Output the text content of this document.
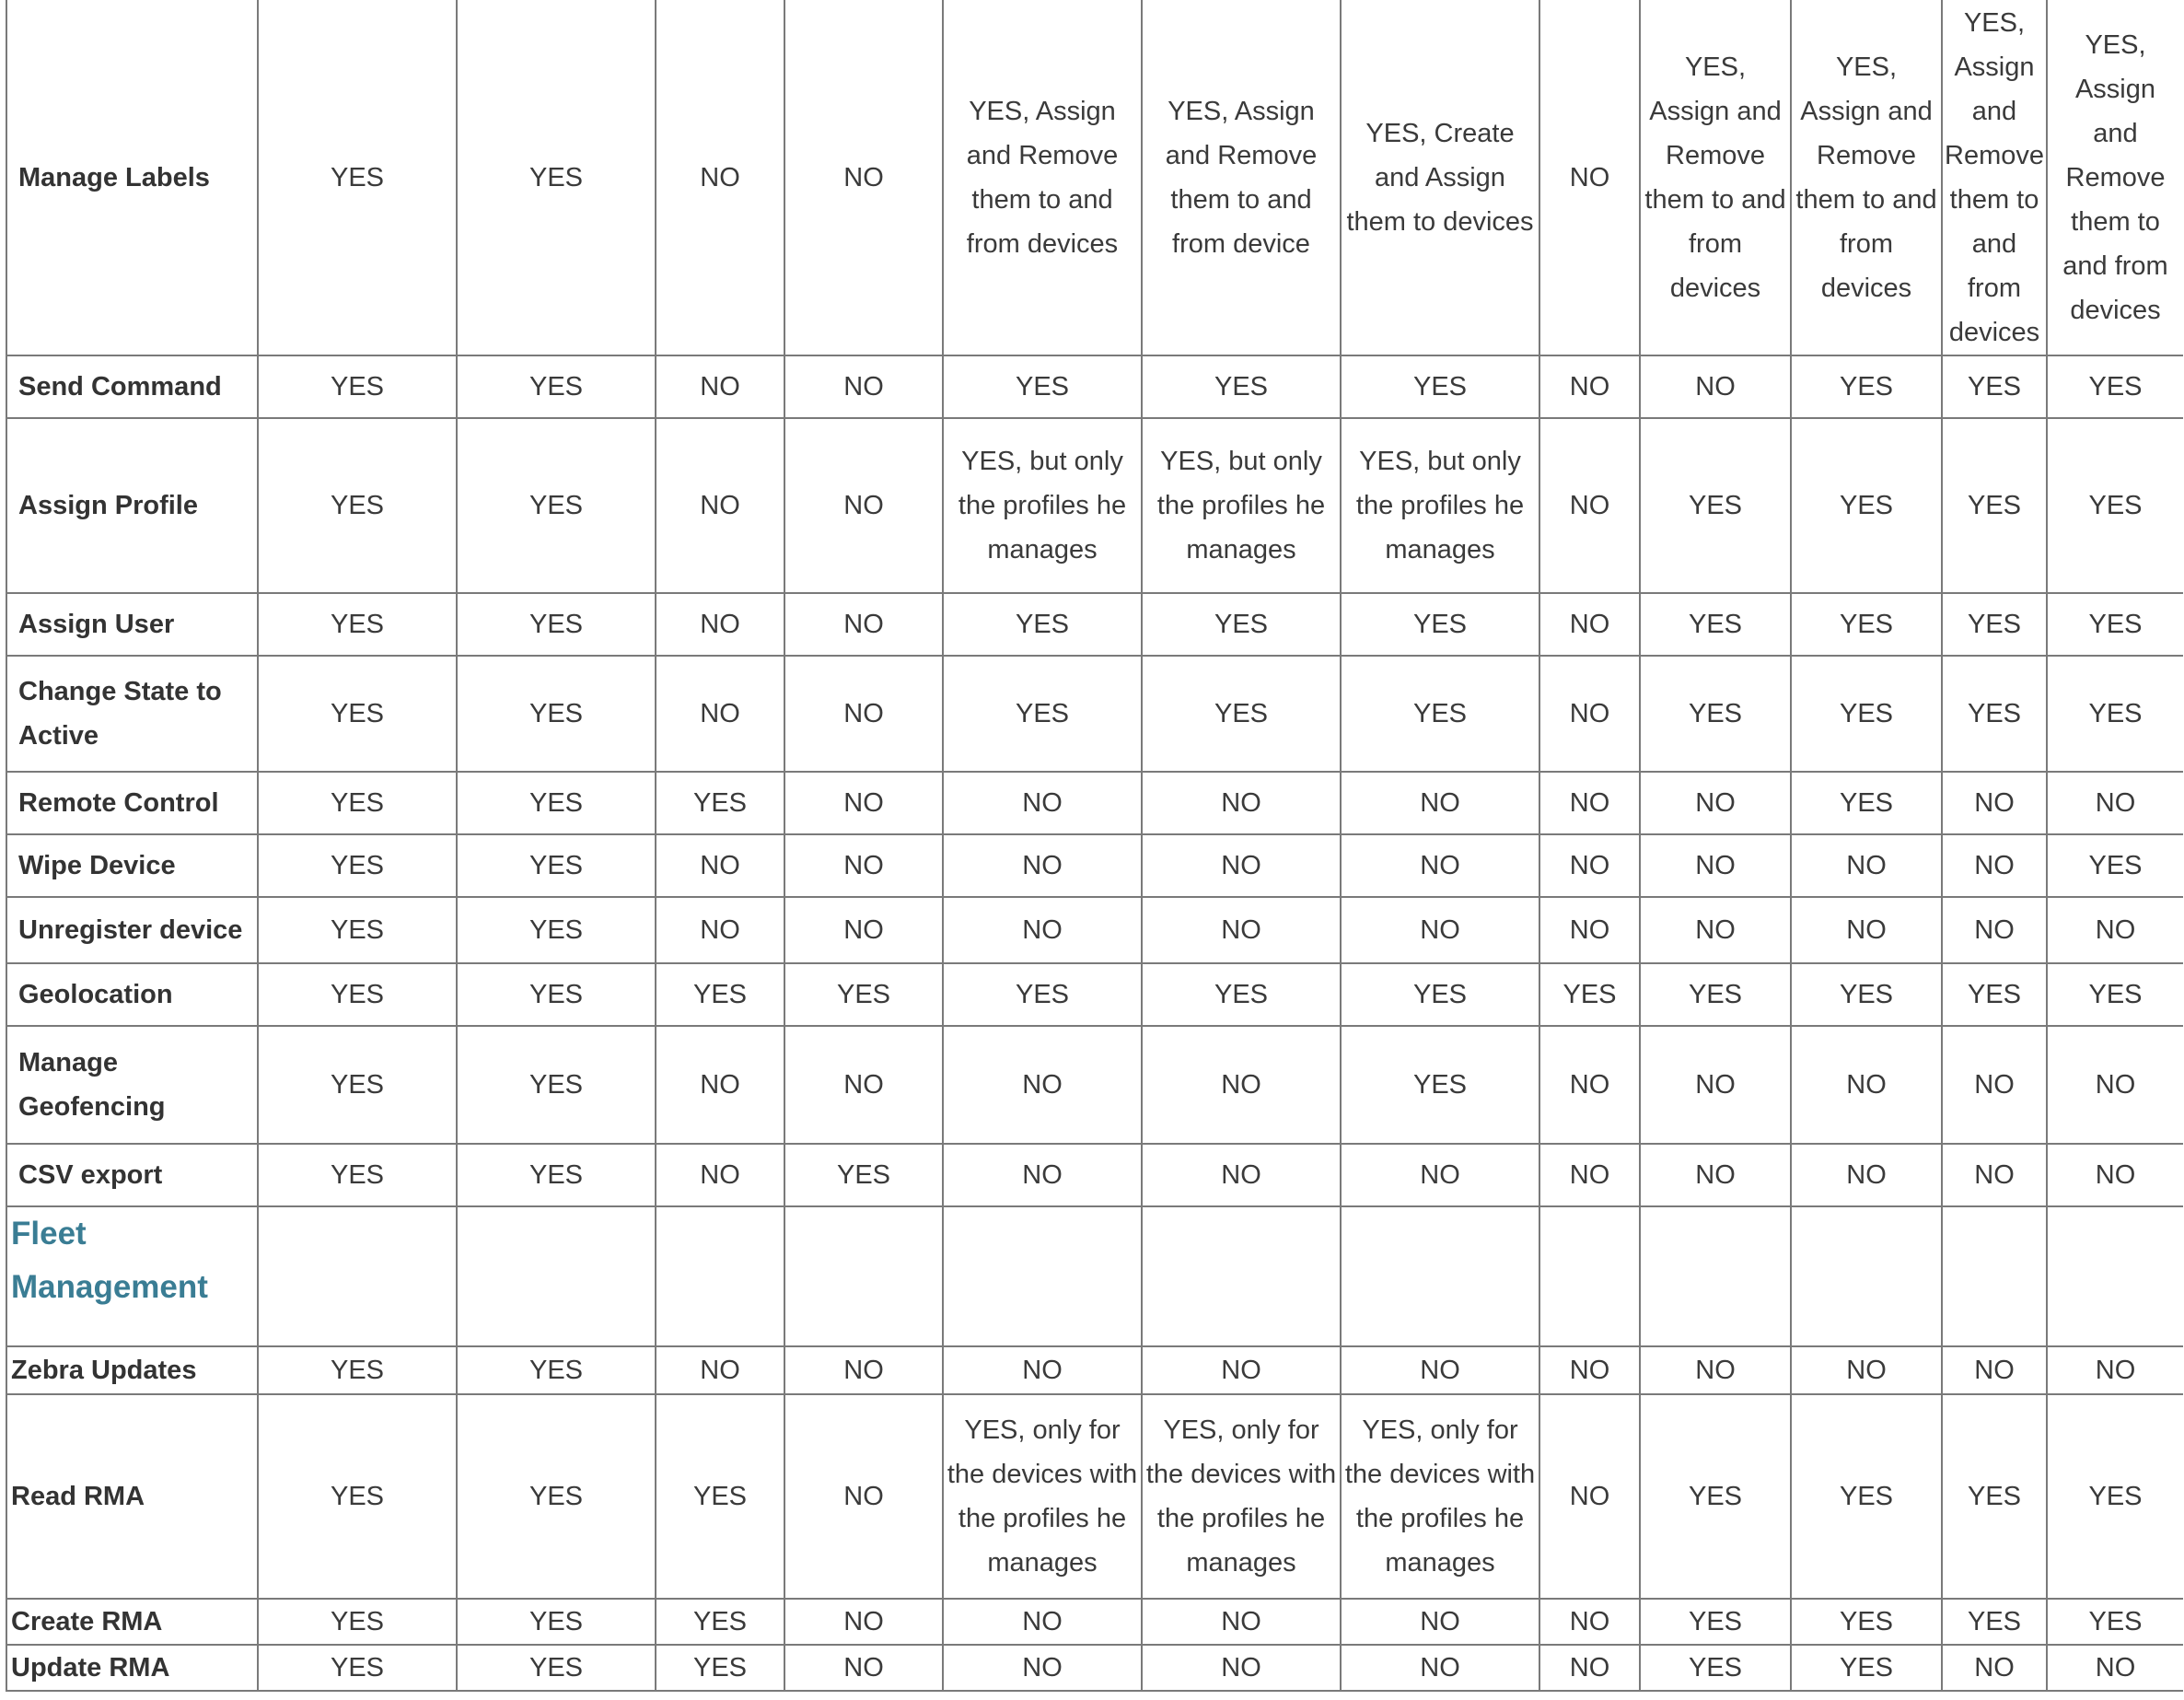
Manage Labels	YES	YES	NO	NO	YES, Assign and Remove them to and from devices	YES, Assign and Remove them to and from device	YES, Create and Assign them to devices	NO	YES, Assign and Remove them to and from devices	YES, Assign and Remove them to and from devices	YES, Assign and Remove them to and from devices	YES, Assign and Remove them to and from devices
Send Command	YES	YES	NO	NO	YES	YES	YES	NO	NO	YES	YES	YES
Assign Profile	YES	YES	NO	NO	YES, but only the profiles he manages	YES, but only the profiles he manages	YES, but only the profiles he manages	NO	YES	YES	YES	YES
Assign User	YES	YES	NO	NO	YES	YES	YES	NO	YES	YES	YES	YES
Change State to Active	YES	YES	NO	NO	YES	YES	YES	NO	YES	YES	YES	YES
Remote Control	YES	YES	YES	NO	NO	NO	NO	NO	NO	YES	NO	NO
Wipe Device	YES	YES	NO	NO	NO	NO	NO	NO	NO	NO	NO	YES
Unregister device	YES	YES	NO	NO	NO	NO	NO	NO	NO	NO	NO	NO
Geolocation	YES	YES	YES	YES	YES	YES	YES	YES	YES	YES	YES	YES
Manage Geofencing	YES	YES	NO	NO	NO	NO	YES	NO	NO	NO	NO	NO
CSV export	YES	YES	NO	YES	NO	NO	NO	NO	NO	NO	NO	NO
Fleet Management												
Zebra Updates	YES	YES	NO	NO	NO	NO	NO	NO	NO	NO	NO	NO
Read RMA	YES	YES	YES	NO	YES, only for the devices with the profiles he manages	YES, only for the devices with the profiles he manages	YES, only for the devices with the profiles he manages	NO	YES	YES	YES	YES
Create RMA	YES	YES	YES	NO	NO	NO	NO	NO	YES	YES	YES	YES
Update RMA	YES	YES	YES	NO	NO	NO	NO	NO	YES	YES	NO	NO
